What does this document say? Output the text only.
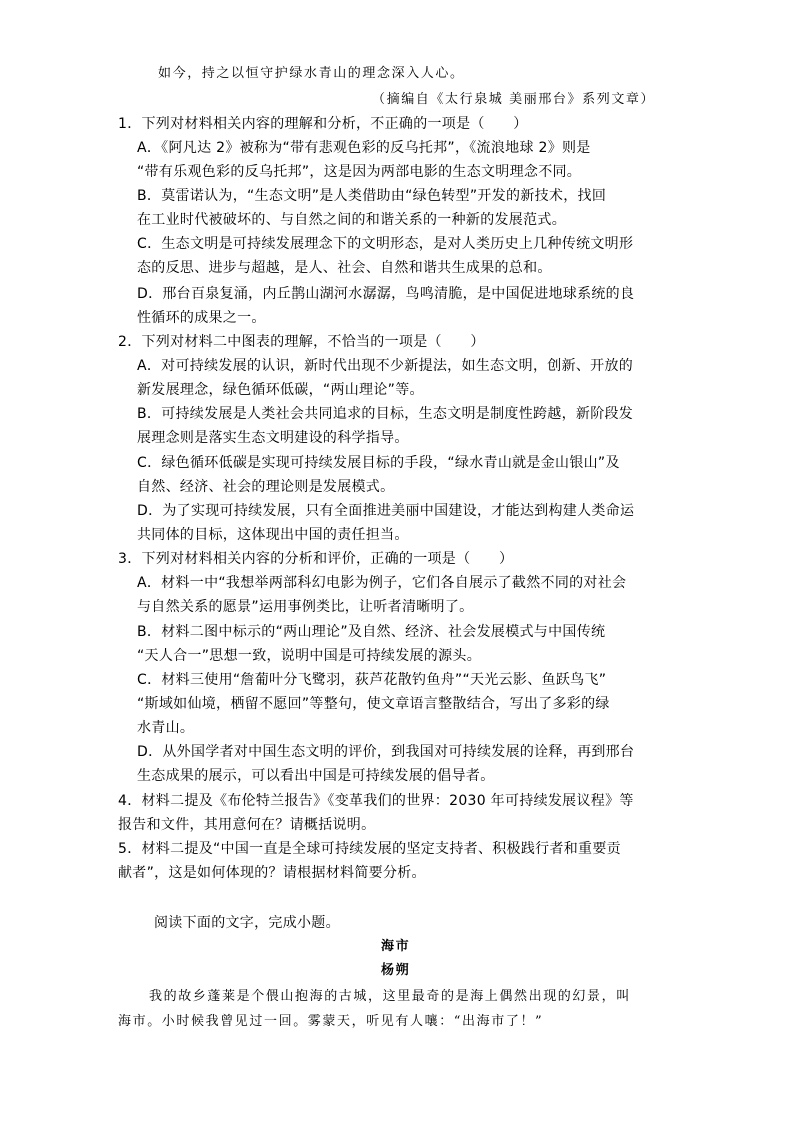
如今，持之以恒守护绿水青山的理念深入人心。
（摘编自《太行泉城 美丽邢台》系列文章）
1．下列对材料相关内容的理解和分析，不正确的一项是（　　）
A．《阿凡达 2》被称为“带有悲观色彩的反乌托邦”，《流浪地球 2》则是
“带有乐观色彩的反乌托邦”，这是因为两部电影的生态文明理念不同。
B．莫雷诺认为，“生态文明”是人类借助由“绿色转型”开发的新技术，找回
在工业时代被破坏的、与自然之间的和谐关系的一种新的发展范式。
C．生态文明是可持续发展理念下的文明形态，是对人类历史上几种传统文明形
态的反思、进步与超越，是人、社会、自然和谐共生成果的总和。
D．邢台百泉复涌，内丘鹊山湖河水潺潺，鸟鸣清脆，是中国促进地球系统的良
性循环的成果之一。
2．下列对材料二中图表的理解，不恰当的一项是（　　）
A．对可持续发展的认识，新时代出现不少新提法，如生态文明，创新、开放的
新发展理念，绿色循环低碳，“两山理论”等。
B．可持续发展是人类社会共同追求的目标，生态文明是制度性跨越，新阶段发
展理念则是落实生态文明建设的科学指导。
C．绿色循环低碳是实现可持续发展目标的手段，“绿水青山就是金山银山”及
自然、经济、社会的理论则是发展模式。
D．为了实现可持续发展，只有全面推进美丽中国建设，才能达到构建人类命运
共同体的目标，这体现出中国的责任担当。
3．下列对材料相关内容的分析和评价，正确的一项是（　　）
A．材料一中“我想举两部科幻电影为例子，它们各自展示了截然不同的对社会
与自然关系的愿景”运用事例类比，让听者清晰明了。
B．材料二图中标示的“两山理论”及自然、经济、社会发展模式与中国传统
“天人合一”思想一致，说明中国是可持续发展的源头。
C．材料三使用“詹葡叶分飞鹭羽，荻芦花散钓鱼舟”“天光云影、鱼跃鸟飞”
“斯域如仙境，栖留不愿回”等整句，使文章语言整散结合，写出了多彩的绿
水青山。
D．从外国学者对中国生态文明的评价，到我国对可持续发展的诠释，再到邢台
生态成果的展示，可以看出中国是可持续发展的倡导者。
4．材料二提及《布伦特兰报告》《变革我们的世界：2030 年可持续发展议程》等
报告和文件，其用意何在？请概括说明。
5．材料二提及“中国一直是全球可持续发展的坚定支持者、积极践行者和重要贡
献者”，这是如何体现的？请根据材料简要分析。
阅读下面的文字，完成小题。
海市
杨朔
我的故乡蓬莱是个偎山抱海的古城，这里最奇的是海上偶然出现的幻景，叫
海市。小时候我曾见过一回。雾蒙天，听见有人嚷：“出海市了！”
